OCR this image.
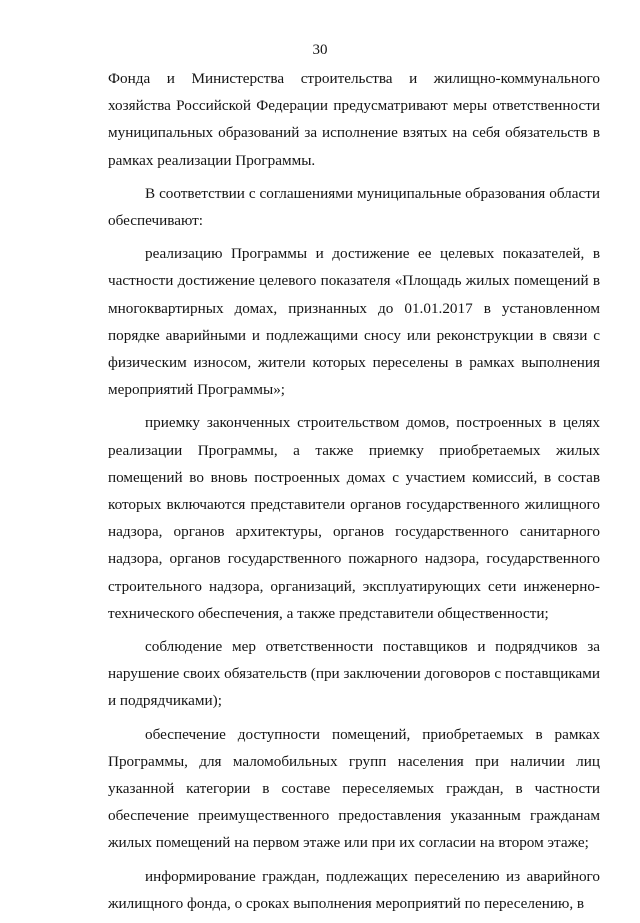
30

Фонда и Министерства строительства и жилищно-коммунального хозяйства Российской Федерации предусматривают меры ответственности муниципальных образований за исполнение взятых на себя обязательств в рамках реализации Программы.

В соответствии с соглашениями муниципальные образования области обеспечивают:

реализацию Программы и достижение ее целевых показателей, в частности достижение целевого показателя «Площадь жилых помещений в многоквартирных домах, признанных до 01.01.2017 в установленном порядке аварийными и подлежащими сносу или реконструкции в связи с физическим износом, жители которых переселены в рамках выполнения мероприятий Программы»;

приемку законченных строительством домов, построенных в целях реализации Программы, а также приемку приобретаемых жилых помещений во вновь построенных домах с участием комиссий, в состав которых включаются представители органов государственного жилищного надзора, органов архитектуры, органов государственного санитарного надзора, органов государственного пожарного надзора, государственного строительного надзора, организаций, эксплуатирующих сети инженерно-технического обеспечения, а также представители общественности;

соблюдение мер ответственности поставщиков и подрядчиков за нарушение своих обязательств (при заключении договоров с поставщиками и подрядчиками);

обеспечение доступности помещений, приобретаемых в рамках Программы, для маломобильных групп населения при наличии лиц указанной категории в составе переселяемых граждан, в частности обеспечение преимущественного предоставления указанным гражданам жилых помещений на первом этаже или при их согласии на втором этаже;

информирование граждан, подлежащих переселению из аварийного жилищного фонда, о сроках выполнения мероприятий по переселению, в
